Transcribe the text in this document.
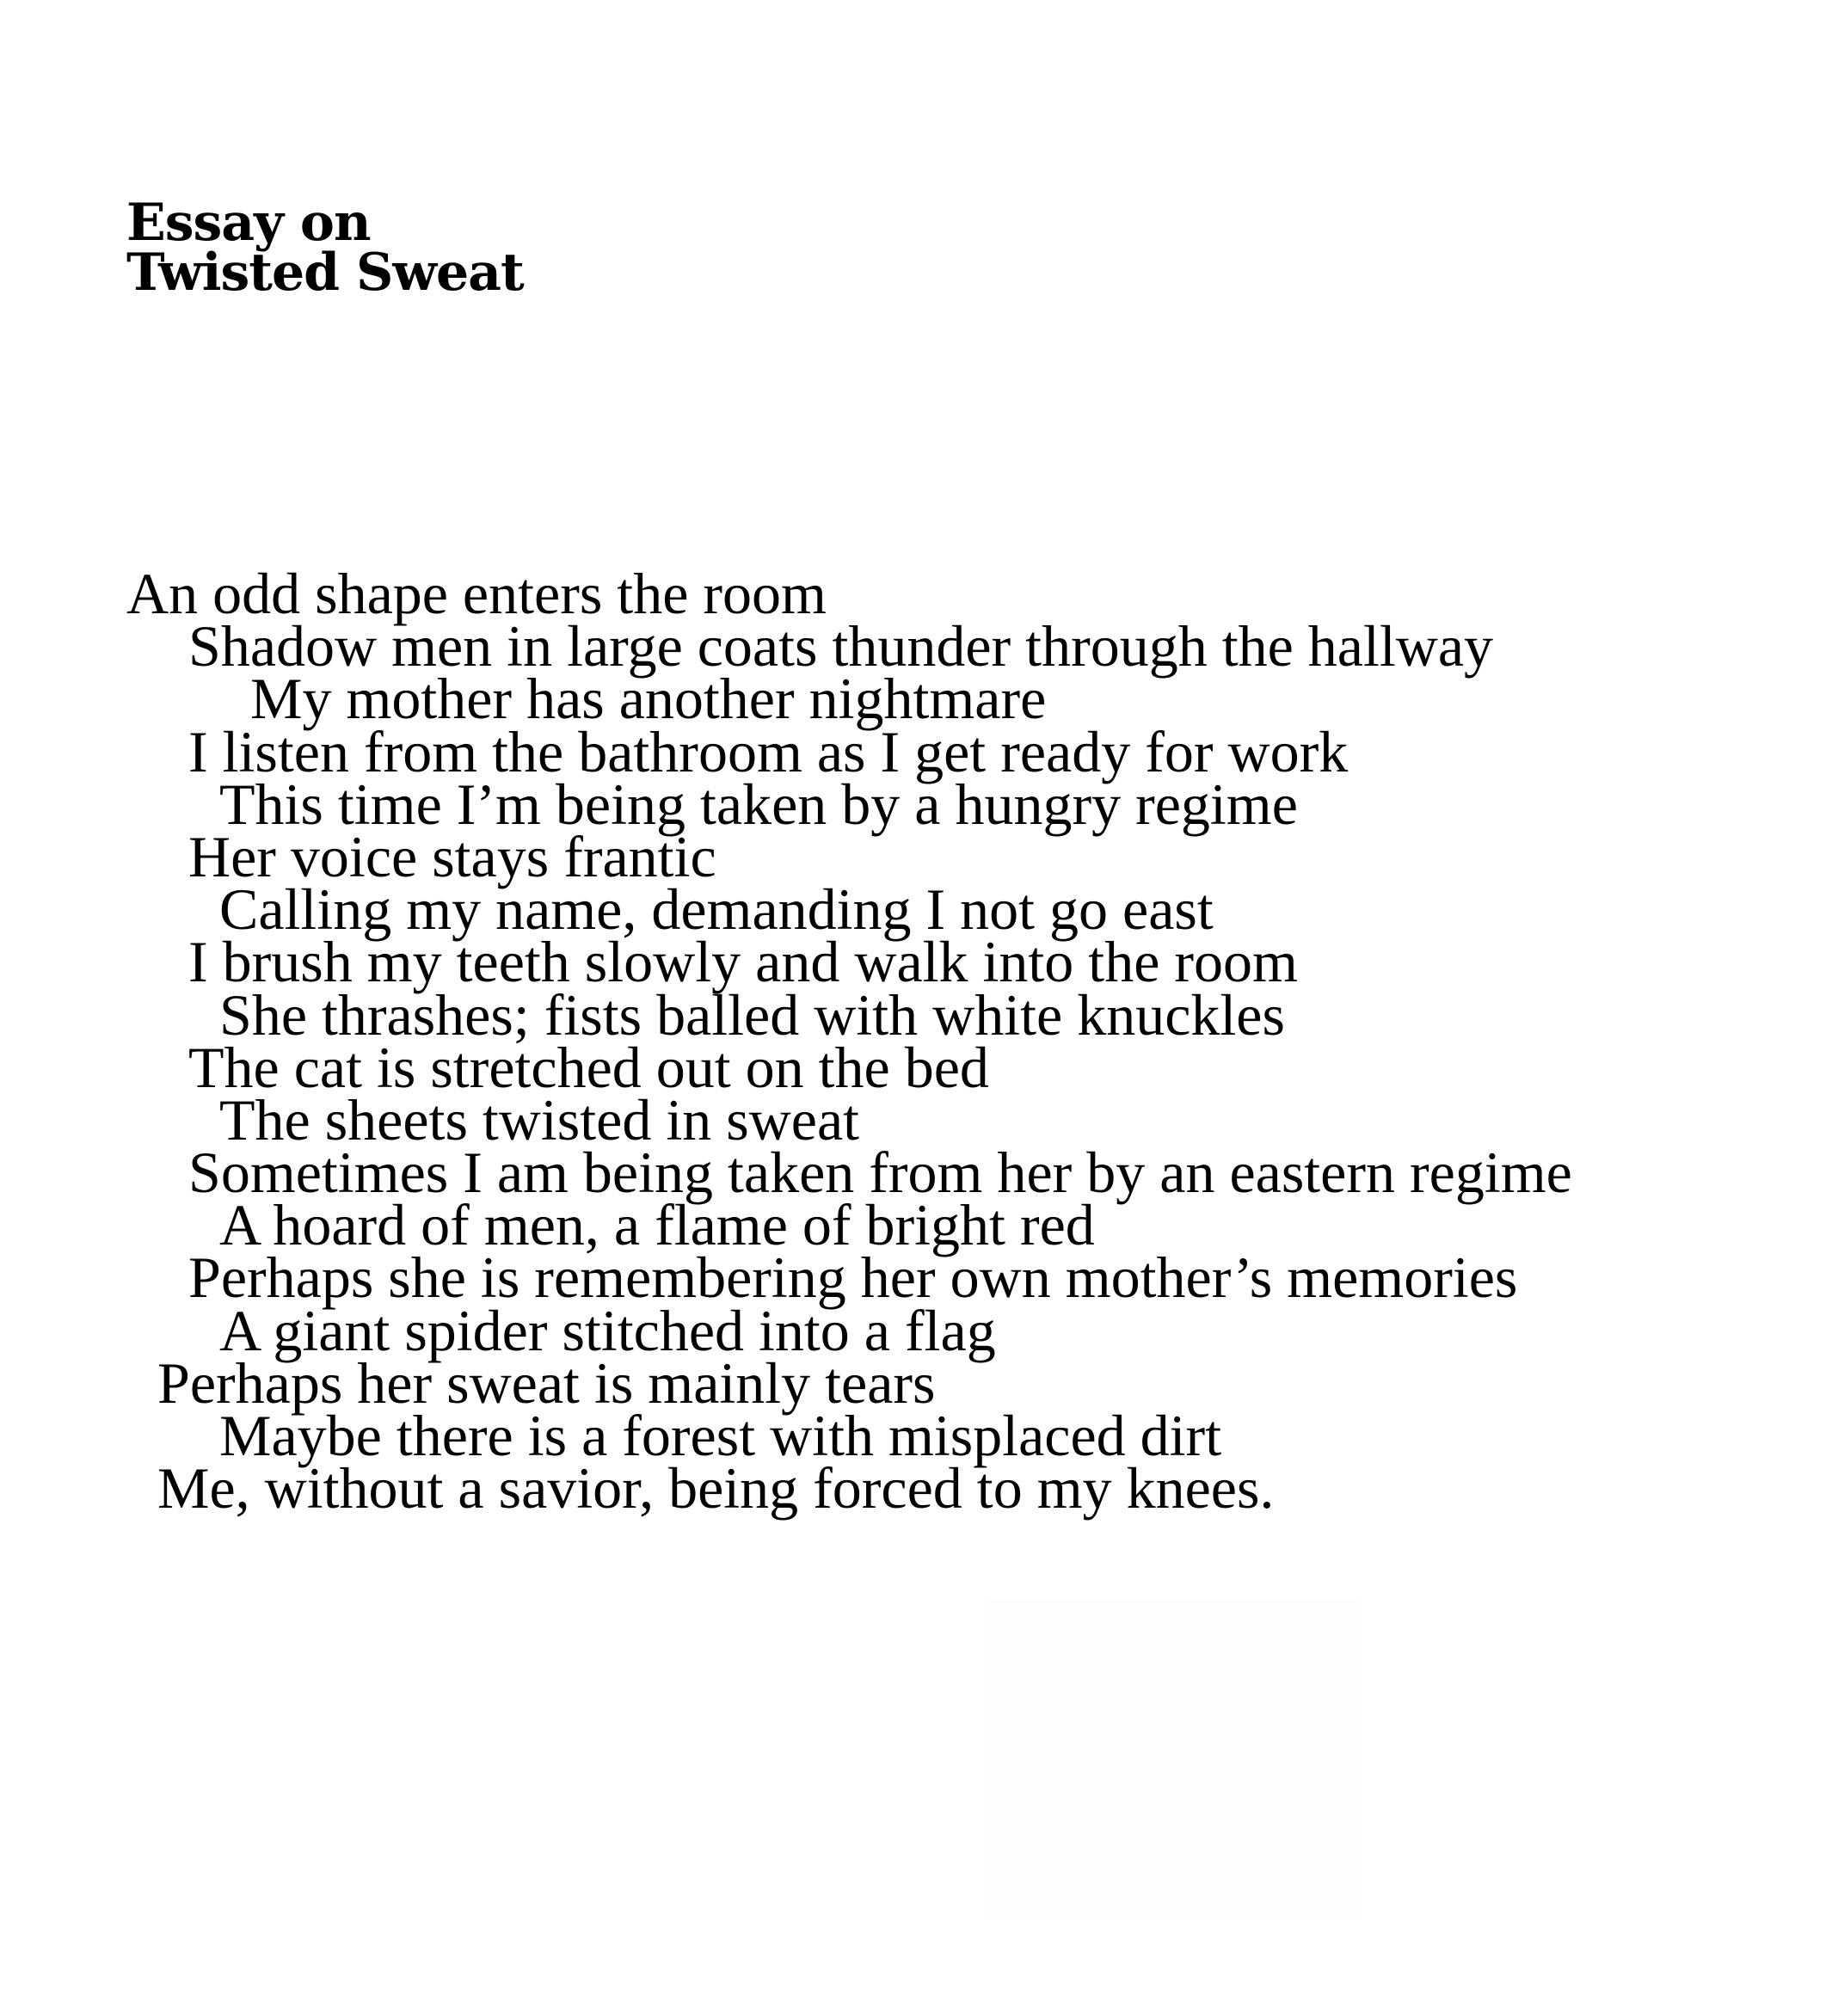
Essay on
Twisted Sweat
An odd shape enters the room
Shadow men in large coats thunder through the hallway
My mother has another nightmare
I listen from the bathroom as I get ready for work
This time I’m being taken by a hungry regime
Her voice stays frantic
Calling my name, demanding I not go east
I brush my teeth slowly and walk into the room
She thrashes; fists balled with white knuckles
The cat is stretched out on the bed
The sheets twisted in sweat
Sometimes I am being taken from her by an eastern regime
A hoard of men, a flame of bright red
Perhaps she is remembering her own mother’s memories
A giant spider stitched into a flag
Perhaps her sweat is mainly tears
Maybe there is a forest with misplaced dirt
Me, without a savior, being forced to my knees.
